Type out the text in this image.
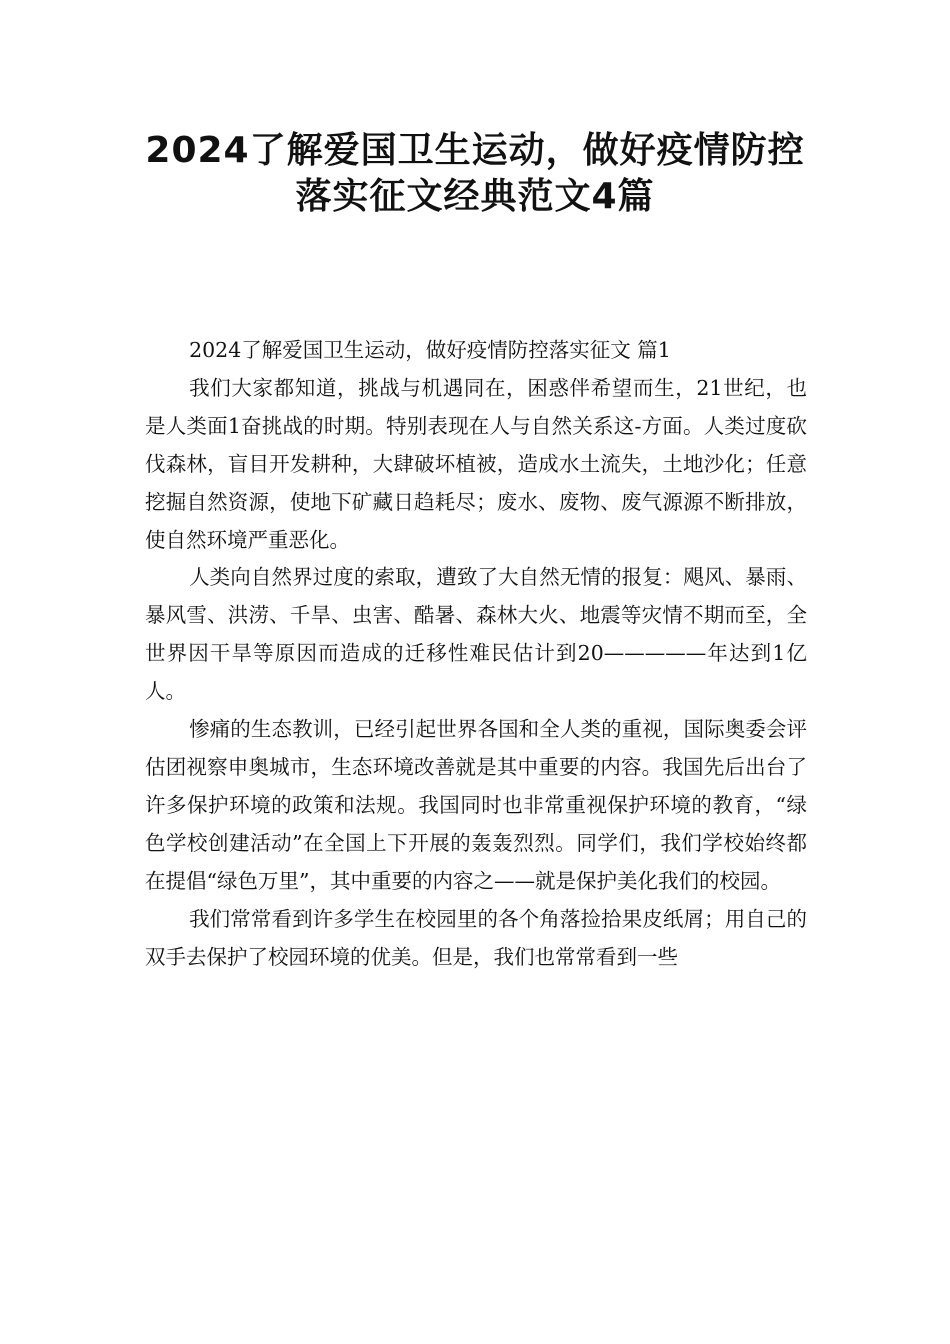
2024了解爱国卫生运动，做好疫情防控
落实征文经典范文4篇

2024了解爱国卫生运动，做好疫情防控落实征文 篇1

我们大家都知道，挑战与机遇同在，困惑伴希望而生，21世纪，也是人类面1奋挑战的时期。特别表现在人与自然关系这-方面。人类过度砍伐森林，盲目开发耕种，大肆破坏植被，造成水土流失，土地沙化；任意挖掘自然资源，使地下矿藏日趋耗尽；废水、废物、废气源源不断排放，使自然环境严重恶化。

人类向自然界过度的索取，遭致了大自然无情的报复：飓风、暴雨、暴风雪、洪涝、千旱、虫害、酷暑、森林大火、地震等灾情不期而至，全世界因干旱等原因而造成的迁移性难民估计到20—————年达到1亿人。

惨痛的生态教训，已经引起世界各国和全人类的重视，国际奥委会评估团视察申奥城市，生态环境改善就是其中重要的内容。我国先后出台了许多保护环境的政策和法规。我国同时也非常重视保护环境的教育，“绿色学校创建活动”在全国上下开展的轰轰烈烈。同学们，我们学校始终都在提倡“绿色万里”，其中重要的内容之——就是保护美化我们的校园。

我们常常看到许多学生在校园里的各个角落捡拾果皮纸屑；用自己的双手去保护了校园环境的优美。但是，我们也常常看到一些
